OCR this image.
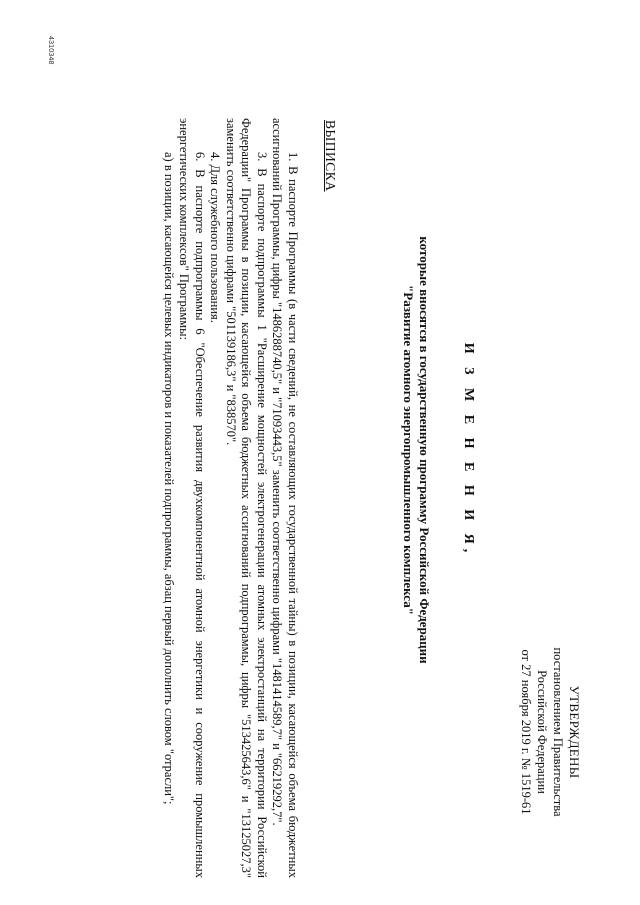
УТВЕРЖДЕНЫ
постановлением Правительства
Российской Федерации
от 27 ноября 2019 г. № 1519-61
И З М Е Н Е Н И Я,
которые вносятся в государственную программу Российской Федерации
"Развитие атомного энергопромышленного комплекса"
ВЫПИСКА

1. В паспорте Программы (в части сведений, не составляющих государственной тайны) в позиции, касающейся объема бюджетных ассигнований Программы, цифры "1486288740,5" и "71093443,5" заменить соответственно цифрами "1481414589,7" и "66219292,7".

3. В паспорте подпрограммы 1 "Расширение мощностей электрогенерации атомных электростанций на территории Российской Федерации" Программы в позиции, касающейся объема бюджетных ассигнований подпрограммы, цифры "513425643,6" и "13125027,3" заменить соответственно цифрами "501139186,3" и "838570".

4. Для служебного пользования.

6. В паспорте подпрограммы 6 "Обеспечение развития двухкомпонентной атомной энергетики и сооружение промышленных энергетических комплексов" Программы:

а) в позиции, касающейся целевых индикаторов и показателей подпрограммы, абзац первый дополнить словом "отрасли";

4310348
